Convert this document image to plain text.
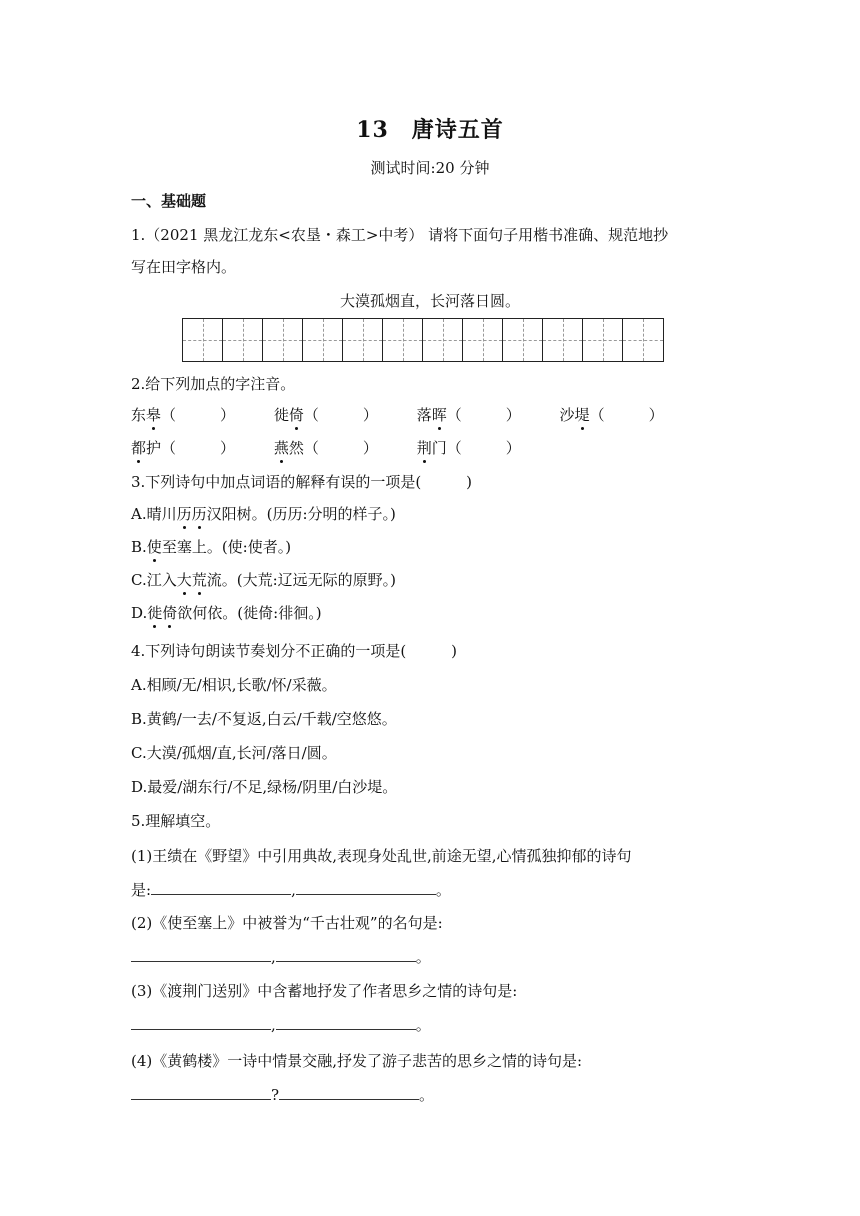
13　唐诗五首
测试时间:20 分钟
一、基础题
1.（2021 黑龙江龙东<农垦・森工>中考） 请将下面句子用楷书准确、规范地抄
写在田字格内。
大漠孤烟直，长河落日圆。
2.给下列加点的字注音。
东皋（	）	徙倚（	）	落晖（	）	沙堤（	）
都护（	）	燕然（	）	荆门（	）
3.下列诗句中加点词语的解释有误的一项是(　　　)
A.晴川历历汉阳树。(历历:分明的样子。)
B.使至塞上。(使:使者。)
C.江入大荒流。(大荒:辽远无际的原野。)
D.徙倚欲何依。(徙倚:徘徊。)
4.下列诗句朗读节奏划分不正确的一项是(　　　)
A.相顾/无/相识,长歌/怀/采薇。
B.黄鹤/一去/不复返,白云/千载/空悠悠。
C.大漠/孤烟/直,长河/落日/圆。
D.最爱/湖东行/不足,绿杨/阴里/白沙堤。
5.理解填空。
(1)王绩在《野望》中引用典故,表现身处乱世,前途无望,心情孤独抑郁的诗句
是:	,	。
(2)《使至塞上》中被誉为“千古壮观”的名句是:
,	。
(3)《渡荆门送别》中含蓄地抒发了作者思乡之情的诗句是:
,	。
(4)《黄鹤楼》一诗中情景交融,抒发了游子悲苦的思乡之情的诗句是:
?	。
